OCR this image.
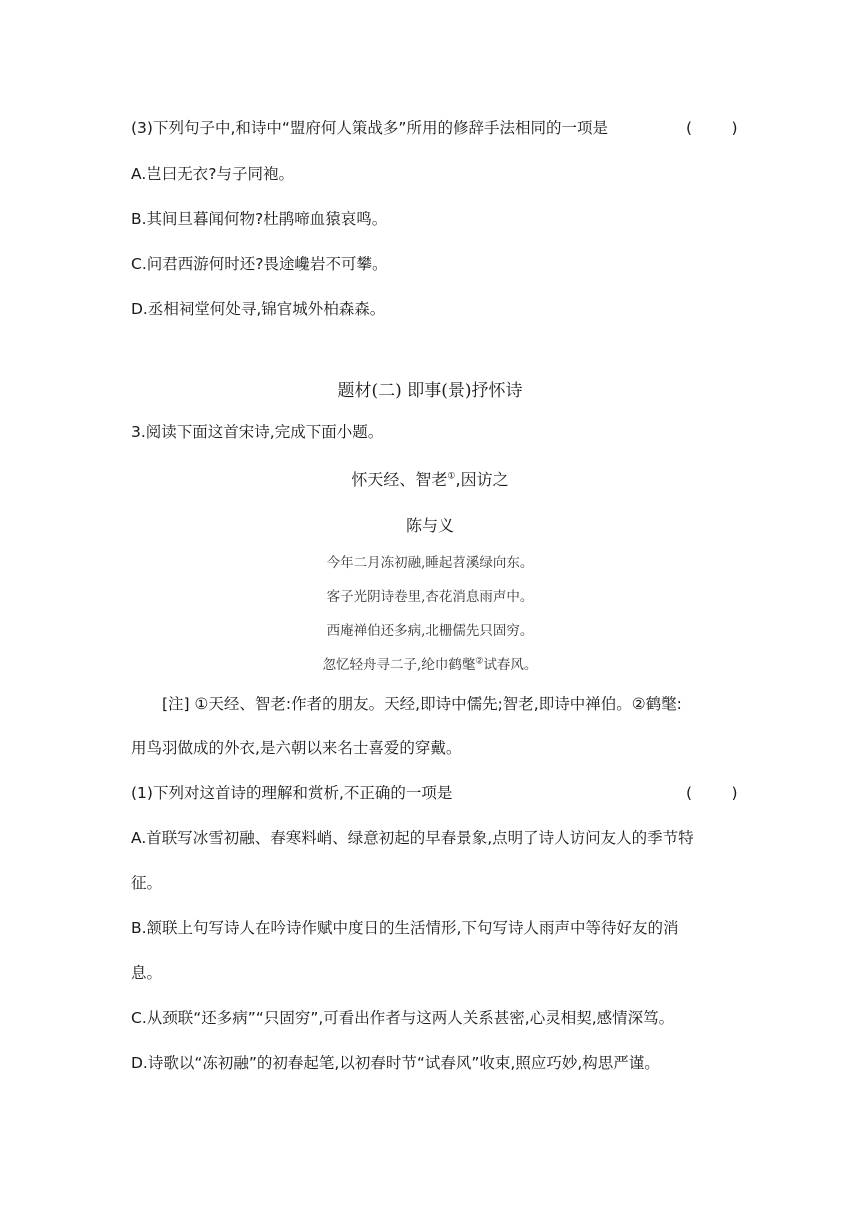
(3)下列句子中,和诗中“盟府何人策战多”所用的修辞手法相同的一项是	(        )
A.岂曰无衣?与子同袍。
B.其间旦暮闻何物?杜鹃啼血猿哀鸣。
C.问君西游何时还?畏途巉岩不可攀。
D.丞相祠堂何处寻,锦官城外柏森森。
题材(二) 即事(景)抒怀诗
3.阅读下面这首宋诗,完成下面小题。
怀天经、智老①,因访之
陈与义
今年二月冻初融,睡起苕溪绿向东。
客子光阴诗卷里,杏花消息雨声中。
西庵禅伯还多病,北栅儒先只固穷。
忽忆轻舟寻二子,纶巾鹤氅②试春风。
[注] ①天经、智老:作者的朋友。天经,即诗中儒先;智老,即诗中禅伯。②鹤氅:
用鸟羽做成的外衣,是六朝以来名士喜爱的穿戴。
(1)下列对这首诗的理解和赏析,不正确的一项是	(        )
A.首联写冰雪初融、春寒料峭、绿意初起的早春景象,点明了诗人访问友人的季节特
征。
B.颔联上句写诗人在吟诗作赋中度日的生活情形,下句写诗人雨声中等待好友的消
息。
C.从颈联“还多病”“只固穷”,可看出作者与这两人关系甚密,心灵相契,感情深笃。
D.诗歌以“冻初融”的初春起笔,以初春时节“试春风”收束,照应巧妙,构思严谨。
